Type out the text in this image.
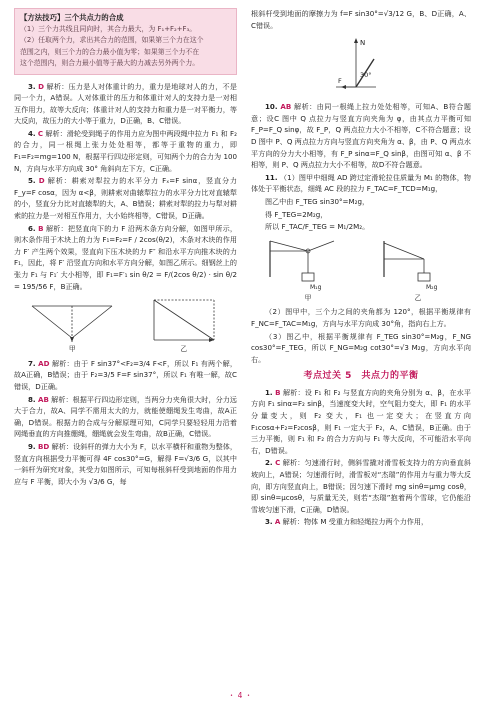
【方法技巧】三个共点力的合成
（1）三个力共线且同向时，其合力最大，为 F₁+F₂+F₃。
（2）任取两个力，求出其合力的范围，如果第三个力在这个
范围之内，则三个力的合力最小值为零；如果第三个力不在
这个范围内，则合力最小值等于最大的力减去另外两个力。

3. D 解析：压力是人对体重计的力，重力是地球对人的力，不是同一个力，A错误。人对体重计的压力和体重计对人的支持力是一对相互作用力，故等大反向；体重计对人的支持力和重力是一对平衡力，等大反向，故压力的大小等于重力，D正确，B、C错误。

4. C 解析：滑轮受到绳子的作用力应为图中两段绳中拉力 F₁ 和 F₂ 的合力，同一根绳上张力处处相等，都等于重物的重力，即 F₁=F₂=mg=100 N，根据平行四边形定则，可知两个力的合力为 100 N，方向与水平方向成 30° 角斜向左下方，C正确。

5. D 解析：耕索对犁拉力的水平分力 Fₓ=F sinα，竖直分力 F_y=F cosα，因为 α<β，则耕索对曲辕犁拉力的水平分力比对直辕犁的小，竖直分力比对直辕犁的大，A、B错误；耕索对犁的拉力与犁对耕索的拉力是一对相互作用力，大小始终相等，C错误，D正确。

6. B 解析：把竖直向下的力 F 沿两木条方向分解，如图甲所示，则木条作用于木块上的力为 F₁=F₂=F / 2cos(θ/2)，木条对木块的作用力 F′ 产生两个效果，竖直向下压木块的力 F″ 和沿水平方向推木块的力 F₁，因此，将 F′ 沿竖直方向和水平方向分解，如图乙所示。细钢丝上的张力 F₁ 与 F₁′ 大小相等，即 F₁=F′₁ sin θ/2 = F/(2cos θ/2) · sin θ/2 = 195/56 F，B正确。

甲	乙

7. AD 解析：由于 F sin37°<F₂=3/4 F<F，所以 F₁ 有两个解，故A正确，B错误；由于 F₂=3/5 F=F sin37°，所以 F₁ 有唯一解，故C错误，D正确。

8. AB 解析：根据平行四边形定则，当两分力夹角很大时，分力远大于合力，故A、同学不需用太大的力，就能使绷绳发生弯曲，故A正确，D错误。根据力的合成与分解原理可知，C同学只要轻轻用力沿着网绳垂直的方向推绷绳，绷绳就会发生弯曲，故B正确，C错误。

9. BD 解析：设斜杆的弹力大小为 F，以水平横杆和重物为整体，竖直方向根据受力平衡可得 4F cos30°=G，解得 F=√3/6 G，以其中一斜杆为研究对象，其受力如图所示，可知每根斜杆受到地面的作用力应与 F 平衡，即大小为 √3/6 G，每

根斜杆受到地面的摩擦力为 f=F sin30°=√3/12 G，B、D正确，A、C错误。

N
30°
F

10. AB 解析：由同一根绳上拉力处处相等，可知A、B符合题意；设C 图中 Q 点拉力与竖直方向夹角为 φ，由其点力平衡可知 F_P=F_Q sinφ，故 F_P，Q 两点拉力大小不相等，C不符合题意；设 D 图中 P、Q 两点拉力方向与竖直方向夹角为 α、β，由 P、Q 两点水平方向的分力大小相等，有 F_P sinα=F_Q sinβ，由图可知 α、β 不相等，则 P、Q 两点拉力大小不相等，故D不符合题意。

11. （1）图甲中细绳 AD 跨过定滑轮拉住质量为 M₁ 的物体，物体处于平衡状态，细绳 AC 段的拉力 F_TAC=F_TCD=M₁g，

图乙中由 F_TEG sin30°=M₂g，

得 F_TEG=2M₂g，

所以 F_TAC/F_TEG = M₁/2M₂。

M₁g
甲
M₂g
乙

（2）图甲中，三个力之间的夹角都为 120°，根据平衡规律有 F_NC=F_TAC=M₁g，方向与水平方向成 30°角，指向右上方。

（3）图乙中，根据平衡规律有 F_TEG sin30°=M₂g，F_NG cos30°=F_TEG，所以 F_NG=M₂g cot30°=√3 M₂g，方向水平向右。

考点过关 5　共点力的平衡

1. B 解析：设 F₁ 和 F₂ 与竖直方向的夹角分别为 α、β，在水平方向 F₁ sinα=F₂ sinβ，当速度变大时，空气阻力变大，即 F₁ 的水平分量变大，则 F₂ 变大，F₁ 也一定变大；在竖直方向 F₁cosα+F₂=F₂cosβ，则 F₁ 一定大于 F₂，A、C错误，B正确。由于三力平衡，则 F₁ 和 F₂ 的合力方向与 F₁ 等大反向，不可能沿水平向右，D错误。

2. C 解析：匀速滑行时，侧斜雪撬对滑雪板支持力的方向垂直斜坡向上，A错误；匀速滑行时，滑雪板对“杰瑞”的作用力与重力等大反向，即方向竖直向上，B错误；因匀速下滑时 mg sinθ=μmg cosθ，即 sinθ=μcosθ，与质量无关，则若“杰瑞”抱着两个雪球，它仍能沿雪坡匀速下滑，C正确，D错误。

3. A 解析：物体 M 受重力和轻绳拉力两个力作用，

・ 4 ・
